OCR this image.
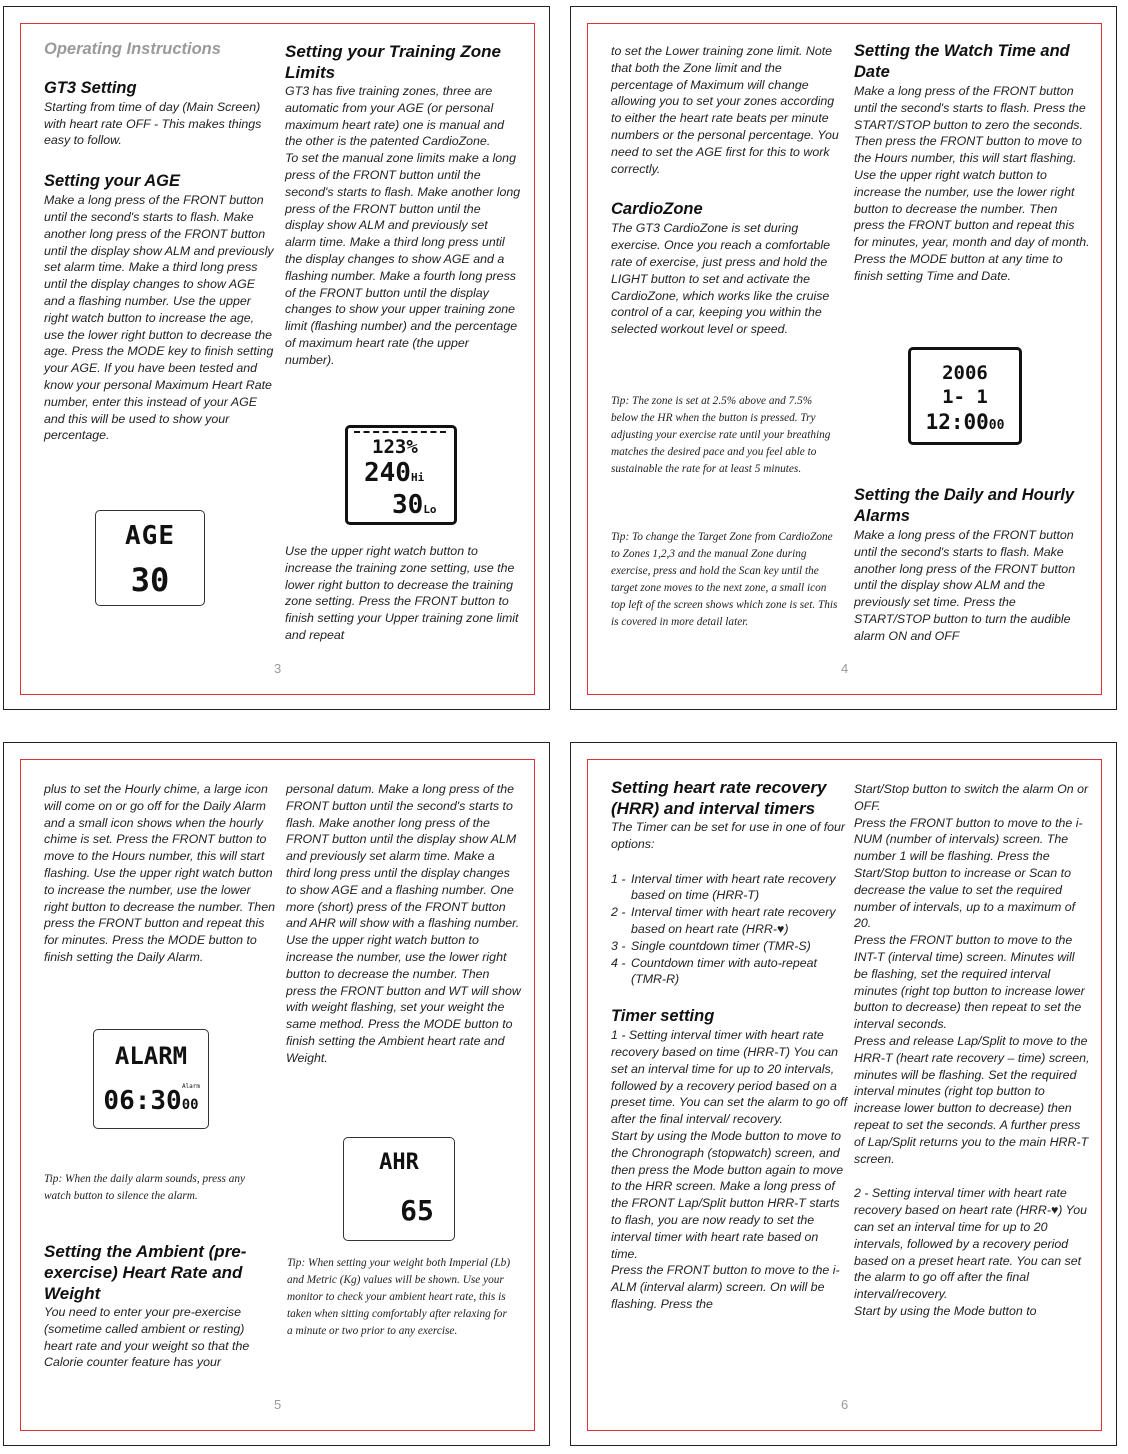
Operating Instructions

GT3 Setting

Starting from time of day (Main Screen) with heart rate OFF - This makes things easy to follow.

Setting your AGE

Make a long press of the FRONT button until the second's starts to flash. Make another long press of the FRONT button until the display show ALM and previously set alarm time. Make a third long press until the display changes to show AGE and a flashing number. Use the upper right watch button to increase the age, use the lower right button to decrease the age. Press the MODE key to finish setting your AGE. If you have been tested and know your personal Maximum Heart Rate number, enter this instead of your AGE and this will be used to show your percentage.

AGE
30

Setting your Training Zone Limits

GT3 has five training zones, three are automatic from your AGE (or personal maximum heart rate) one is manual and the other is the patented CardioZone.

To set the manual zone limits make a long press of the FRONT button until the second's starts to flash. Make another long press of the FRONT button until the display show ALM and previously set alarm time. Make a third long press until the display changes to show AGE and a flashing number. Make a fourth long press of the FRONT button until the display changes to show your upper training zone limit (flashing number) and the percentage of maximum heart rate (the upper number).

123%
240Hi
30Lo

Use the upper right watch button to increase the training zone setting, use the lower right button to decrease the training zone setting. Press the FRONT button to finish setting your Upper training zone limit and repeat

3

to set the Lower training zone limit. Note that both the Zone limit and the percentage of Maximum will change allowing you to set your zones according to either the heart rate beats per minute numbers or the personal percentage. You need to set the AGE first for this to work correctly.

CardioZone

The GT3 CardioZone is set during exercise. Once you reach a comfortable rate of exercise, just press and hold the LIGHT button to set and activate the CardioZone, which works like the cruise control of a car, keeping you within the selected workout level or speed.

Tip: The zone is set at 2.5% above and 7.5% below the HR when the button is pressed. Try adjusting your exercise rate until your breathing matches the desired pace and you feel able to sustainable the rate for at least 5 minutes.

Tip: To change the Target Zone from CardioZone to Zones 1,2,3 and the manual Zone during exercise, press and hold the Scan key until the target zone moves to the next zone, a small icon top left of the screen shows which zone is set. This is covered in more detail later.

Setting the Watch Time and Date

Make a long press of the FRONT button until the second's starts to flash. Press the START/STOP button to zero the seconds. Then press the FRONT button to move to the Hours number, this will start flashing. Use the upper right watch button to increase the number, use the lower right button to decrease the number. Then press the FRONT button and repeat this for minutes, year, month and day of month. Press the MODE button at any time to finish setting Time and Date.

2006
1- 1
12:0000

Setting the Daily and Hourly Alarms

Make a long press of the FRONT button until the second's starts to flash. Make another long press of the FRONT button until the display show ALM and the previously set time. Press the START/STOP button to turn the audible alarm ON and OFF

4

plus to set the Hourly chime, a large icon will come on or go off for the Daily Alarm and a small icon shows when the hourly chime is set. Press the FRONT button to move to the Hours number, this will start flashing. Use the upper right watch button to increase the number, use the lower right button to decrease the number. Then press the FRONT button and repeat this for minutes. Press the MODE button to finish setting the Daily Alarm.

ALARM
Alarm
06:3000

Tip: When the daily alarm sounds, press any watch button to silence the alarm.

Setting the Ambient (pre-exercise) Heart Rate and Weight

You need to enter your pre-exercise (sometime called ambient or resting) heart rate and your weight so that the Calorie counter feature has your

personal datum. Make a long press of the FRONT button until the second's starts to flash. Make another long press of the FRONT button until the display show ALM and previously set alarm time. Make a third long press until the display changes to show AGE and a flashing number. One more (short) press of the FRONT button and AHR will show with a flashing number. Use the upper right watch button to increase the number, use the lower right button to decrease the number. Then press the FRONT button and WT will show with weight flashing, set your weight the same method. Press the MODE button to finish setting the Ambient heart rate and Weight.

AHR
65

Tip: When setting your weight both Imperial (Lb) and Metric (Kg) values will be shown. Use your monitor to check your ambient heart rate, this is taken when sitting comfortably after relaxing for a minute or two prior to any exercise.

5

Setting heart rate recovery (HRR) and interval timers

The Timer can be set for use in one of four options:

1 - Interval timer with heart rate recovery based on time (HRR-T)
2 - Interval timer with heart rate recovery based on heart rate (HRR-♥)
3 - Single countdown timer (TMR-S)
4 - Countdown timer with auto-repeat (TMR-R)

Timer setting

1 - Setting interval timer with heart rate recovery based on time (HRR-T) You can set an interval time for up to 20 intervals, followed by a recovery period based on a preset time. You can set the alarm to go off after the final interval/ recovery.

Start by using the Mode button to move to the Chronograph (stopwatch) screen, and then press the Mode button again to move to the HRR screen. Make a long press of the FRONT Lap/Split button HRR-T starts to flash, you are now ready to set the interval timer with heart rate based on time.

Press the FRONT button to move to the i-ALM (interval alarm) screen. On will be flashing. Press the

Start/Stop button to switch the alarm On or OFF.

Press the FRONT button to move to the i-NUM (number of intervals) screen. The number 1 will be flashing. Press the Start/Stop button to increase or Scan to decrease the value to set the required number of intervals, up to a maximum of 20.

Press the FRONT button to move to the INT-T (interval time) screen. Minutes will be flashing, set the required interval minutes (right top button to increase lower button to decrease) then repeat to set the interval seconds.

Press and release Lap/Split to move to the HRR-T (heart rate recovery – time) screen, minutes will be flashing. Set the required interval minutes (right top button to increase lower button to decrease) then repeat to set the seconds. A further press of Lap/Split returns you to the main HRR-T screen.

2 - Setting interval timer with heart rate recovery based on heart rate (HRR-♥) You can set an interval time for up to 20 intervals, followed by a recovery period based on a preset heart rate. You can set the alarm to go off after the final interval/recovery.

Start by using the Mode button to

6
